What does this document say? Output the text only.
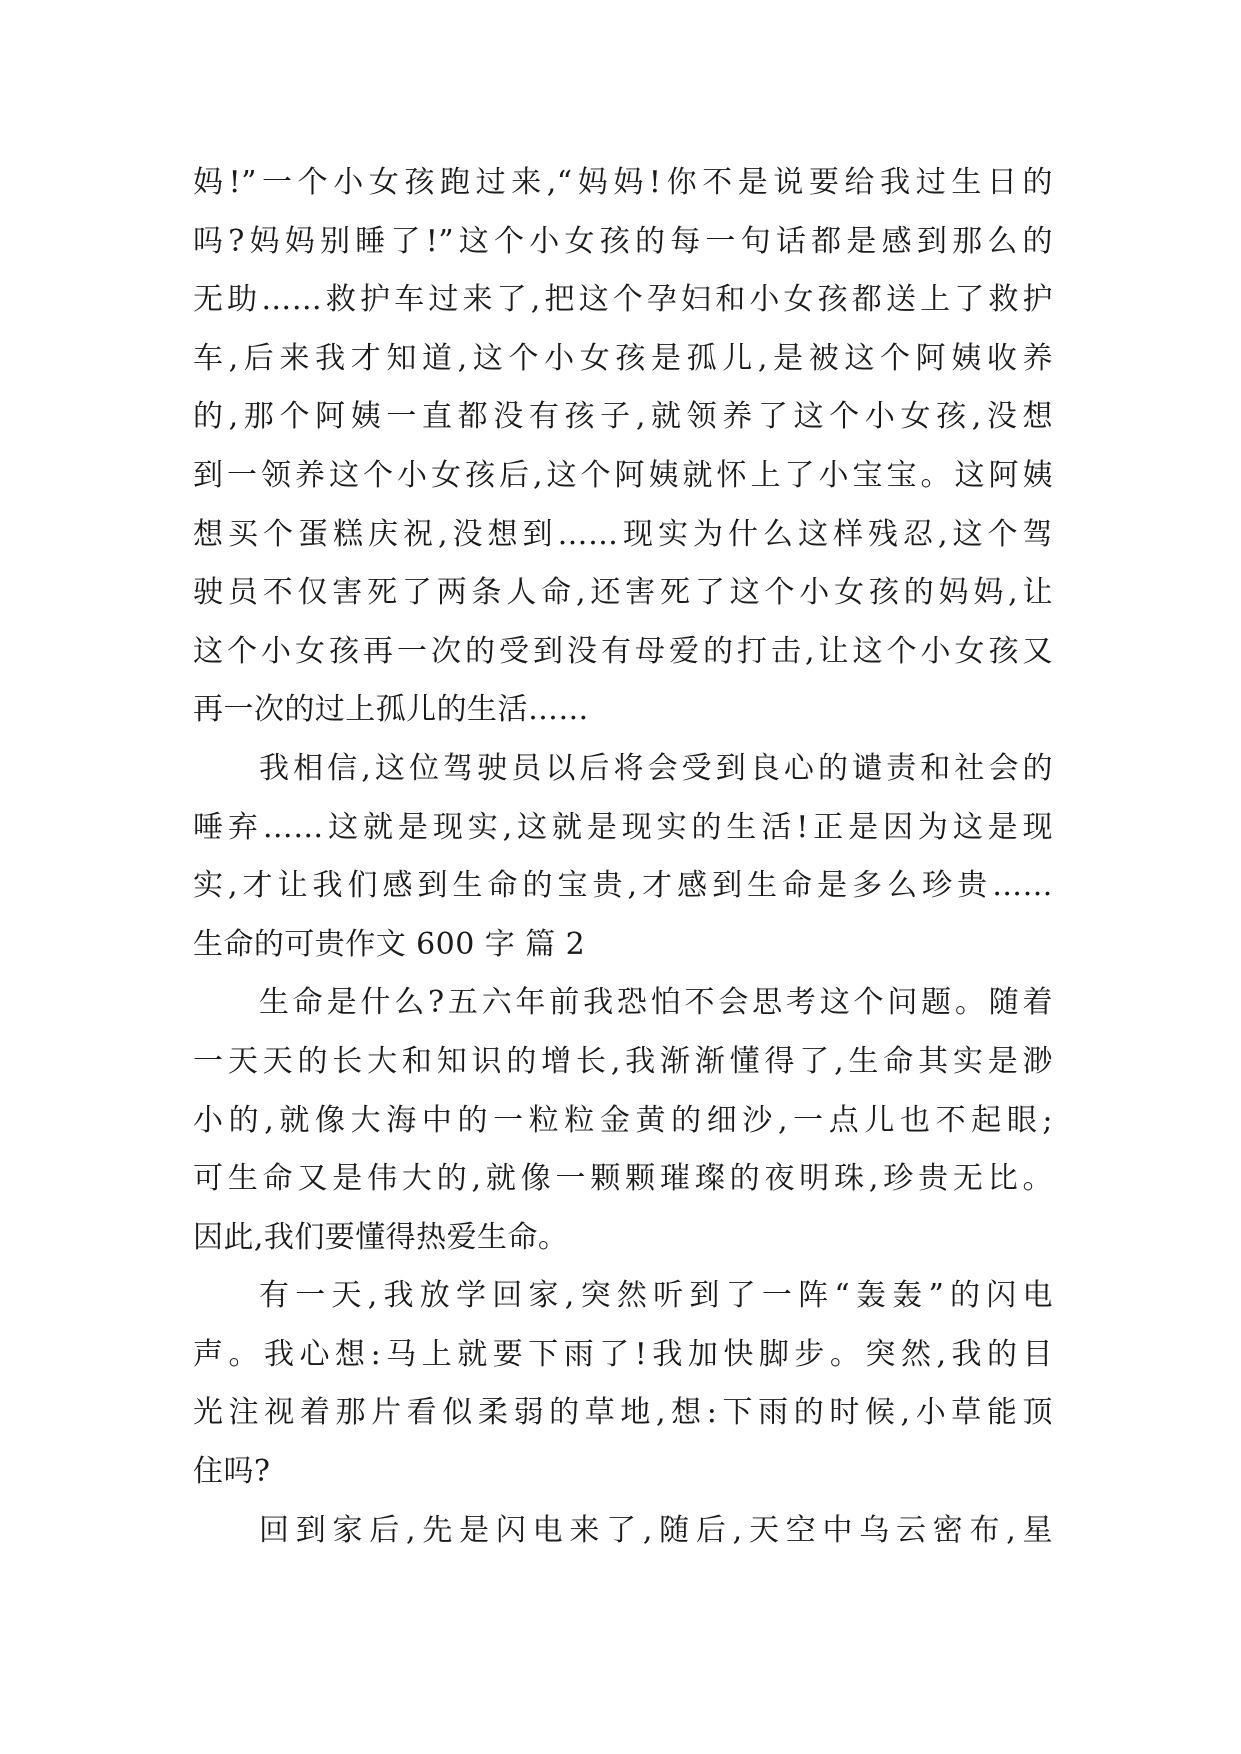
妈!”一个小女孩跑过来,“妈妈!你不是说要给我过生日的
吗?妈妈别睡了!”这个小女孩的每一句话都是感到那么的
无助……救护车过来了,把这个孕妇和小女孩都送上了救护
车,后来我才知道,这个小女孩是孤儿,是被这个阿姨收养
的,那个阿姨一直都没有孩子,就领养了这个小女孩,没想
到一领养这个小女孩后,这个阿姨就怀上了小宝宝。这阿姨
想买个蛋糕庆祝,没想到……现实为什么这样残忍,这个驾
驶员不仅害死了两条人命,还害死了这个小女孩的妈妈,让
这个小女孩再一次的受到没有母爱的打击,让这个小女孩又
再一次的过上孤儿的生活……
我相信,这位驾驶员以后将会受到良心的谴责和社会的
唾弃……这就是现实,这就是现实的生活!正是因为这是现
实,才让我们感到生命的宝贵,才感到生命是多么珍贵……
生命的可贵作文 600 字 篇 2
生命是什么?五六年前我恐怕不会思考这个问题。随着
一天天的长大和知识的增长,我渐渐懂得了,生命其实是渺
小的,就像大海中的一粒粒金黄的细沙,一点儿也不起眼;
可生命又是伟大的,就像一颗颗璀璨的夜明珠,珍贵无比。
因此,我们要懂得热爱生命。
有一天,我放学回家,突然听到了一阵“轰轰”的闪电
声。我心想:马上就要下雨了!我加快脚步。突然,我的目
光注视着那片看似柔弱的草地,想:下雨的时候,小草能顶
住吗?
回到家后,先是闪电来了,随后,天空中乌云密布,星
